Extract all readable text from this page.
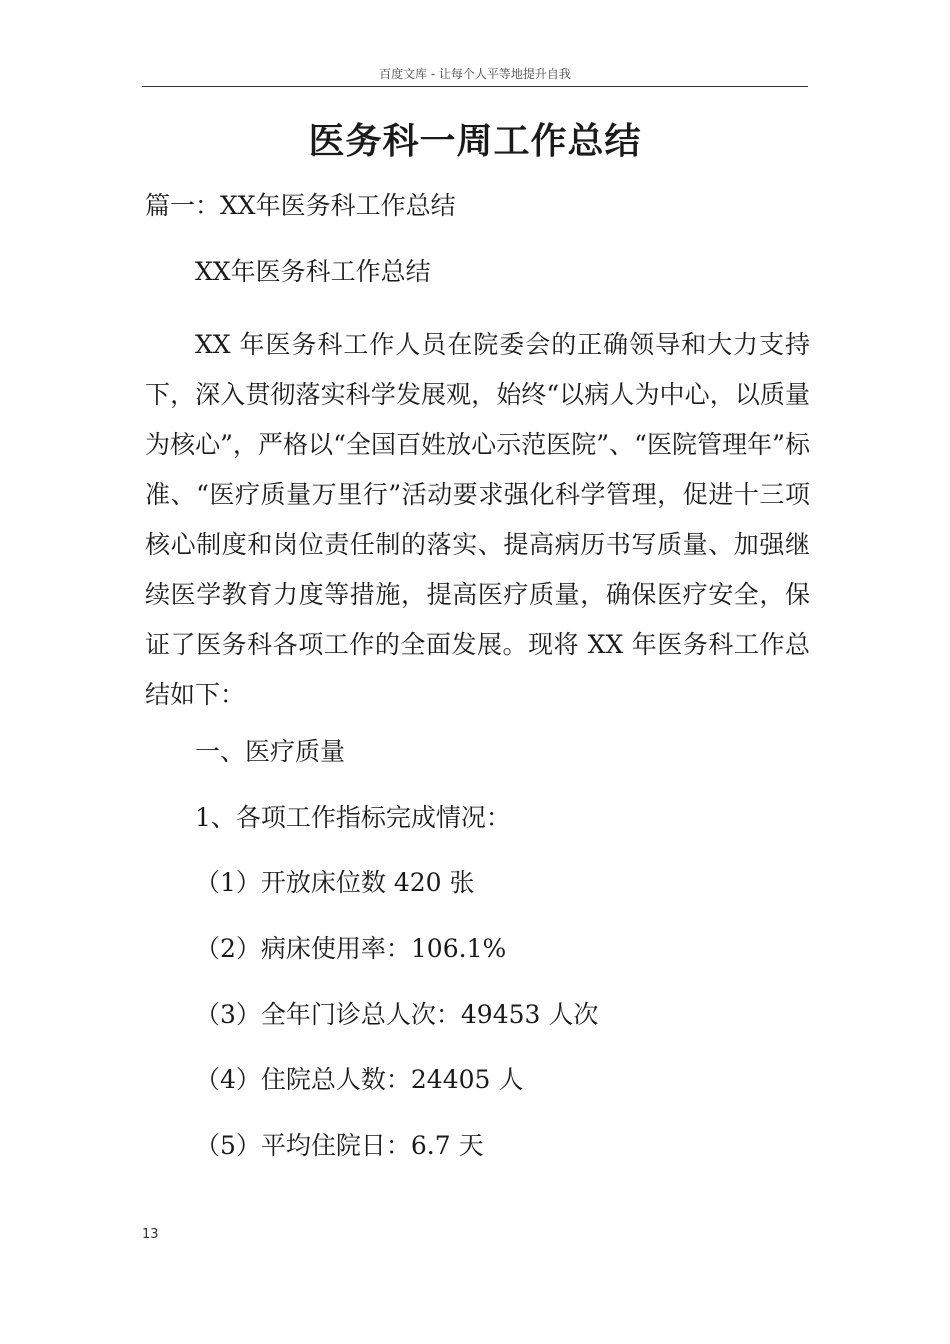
百度文库 - 让每个人平等地提升自我
医务科一周工作总结
篇一：XX年医务科工作总结
XX年医务科工作总结

XX 年医务科工作人员在院委会的正确领导和大力支持下，深入贯彻落实科学发展观，始终“以病人为中心，以质量为核心”，严格以“全国百姓放心示范医院”、“医院管理年”标准、“医疗质量万里行”活动要求强化科学管理，促进十三项核心制度和岗位责任制的落实、提高病历书写质量、加强继续医学教育力度等措施，提高医疗质量，确保医疗安全，保证了医务科各项工作的全面发展。现将 XX 年医务科工作总结如下：

一、医疗质量
1、各项工作指标完成情况：
（1）开放床位数 420 张
（2）病床使用率：106.1%
（3）全年门诊总人次：49453 人次
（4）住院总人数：24405 人
（5）平均住院日：6.7 天
13
